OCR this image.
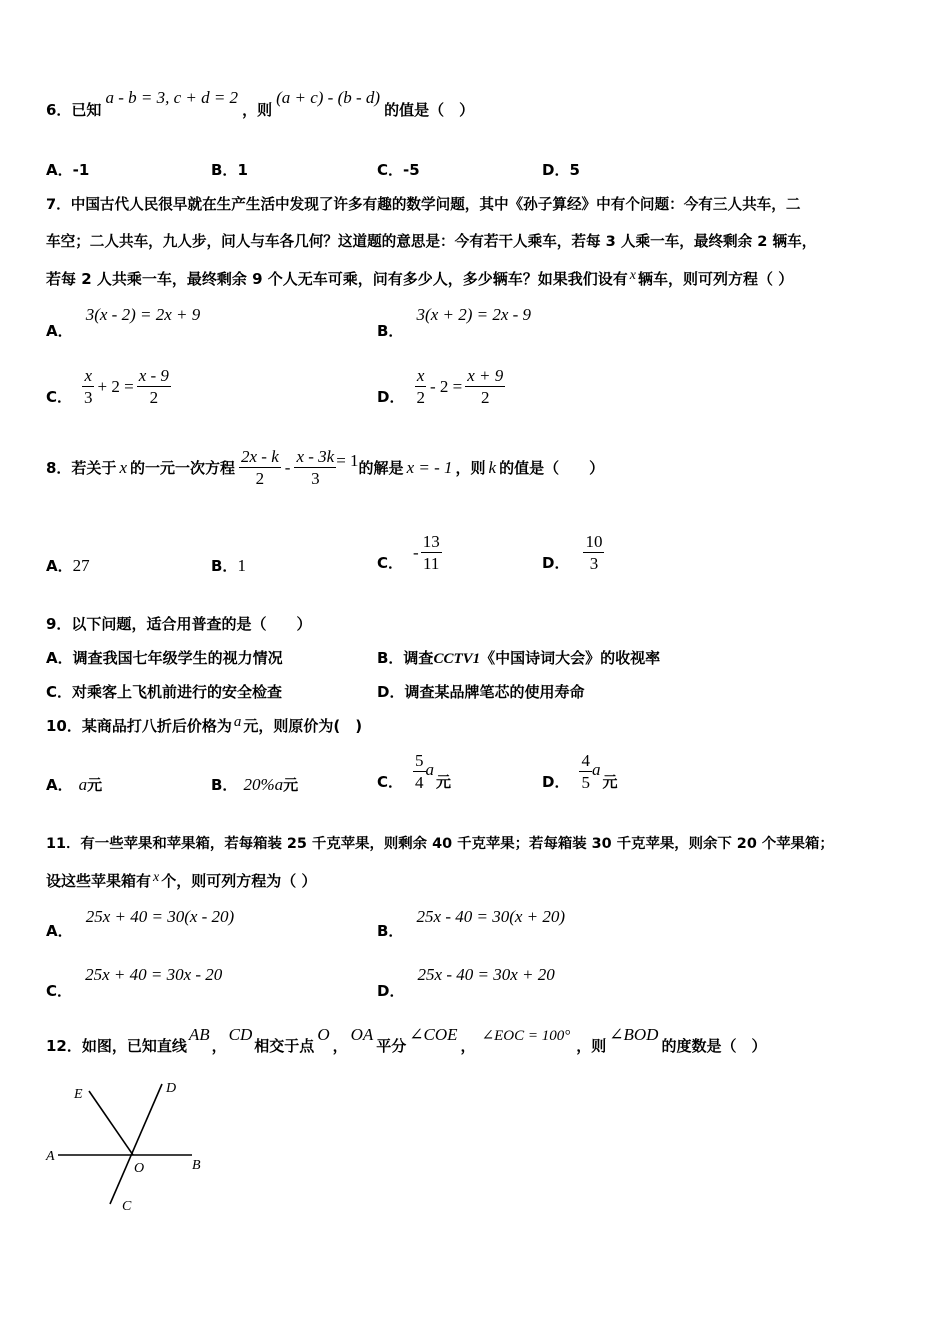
6．已知
a - b = 3, c + d = 2
，则
(a + c) - (b - d)
的值是（　）
A．-1	B．1	C．-5	D．5
7．中国古代人民很早就在生产生活中发现了许多有趣的数学问题，其中《孙子算经》中有个问题：今有三人共车，二
车空；二人共车，九人步，问人与车各几何？这道题的意思是：今有若干人乘车，若每 3 人乘一车，最终剩余 2 辆车，
若每 2 人共乘一车，最终剩余 9 个人无车可乘，问有多少人，多少辆车？如果我们设有 x 辆车，则可列方程（ ）
A． 3(x - 2) = 2x + 9
B． 3(x + 2) = 2x - 9
C． $\frac{x}{3} + 2 = \frac{x - 9}{2}$	D． $\frac{x}{2} - 2 = \frac{x + 9}{2}$
8．若关于 x 的一元一次方程 $\frac{2x - k}{2} - \frac{x - 3k}{3} = 1$ 的解是 x = - 1 ，则 k 的值是（　　）
A．27	B．1	C．
- $\frac{13}{11}$	D． $\frac{10}{3}$
9．以下问题，适合用普查的是（　　）
A．调查我国七年级学生的视力情况	B．调查CCTV1《中国诗词大会》的收视率
C．对乘客上飞机前进行的安全检查	D．调查某品牌笔芯的使用寿命
10．某商品打八折后价格为 a 元，则原价为(　)
A． a元	B． 20%a元	C． $\frac{5}{4}$ a
元	D． $\frac{4}{5}$ a
元
11．有一些苹果和苹果箱，若每箱装 25 千克苹果，则剩余 40 千克苹果；若每箱装 30 千克苹果，则余下 20 个苹果箱；
设这些苹果箱有 x 个，则可列方程为（ ）
A． 25x + 40 = 30(x - 20)
B． 25x - 40 = 30(x + 20)
C． 25x + 40 = 30x - 20
D． 25x - 40 = 30x + 20
12．如图，已知直线AB，CD相交于点O，OA平分∠COE，∠EOC = 100°，则∠BOD的度数是（　）
E	D
A
O	B
C
